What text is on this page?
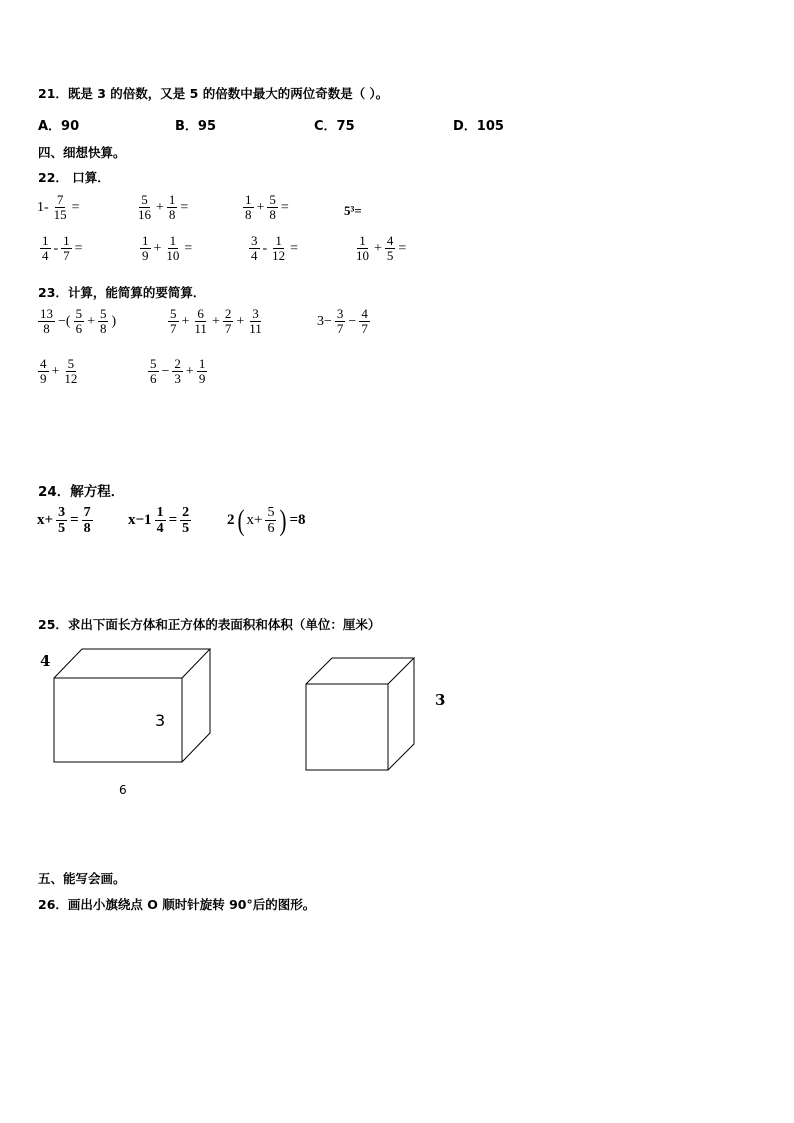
21．既是 3 的倍数，又是 5 的倍数中最大的两位奇数是（ ）。
A．90	B．95	C．75	D．105
四、细想快算。
22． 口算．
$1- \frac{7}{15}$ =	$\frac{5}{16} + \frac{1}{8}$ =	$\frac{1}{8} + \frac{5}{8}$ =	5³=
$\frac{1}{4} - \frac{1}{7}$ =	$\frac{1}{9} + \frac{1}{10}$ =	$\frac{3}{4} - \frac{1}{12}$ =	$\frac{1}{10} + \frac{4}{5}$ =
23．计算，能简算的要简算．
$\frac{13}{8}$ −( $\frac{5}{6} + \frac{5}{8}$ )	$\frac{5}{7} + \frac{6}{11} + \frac{2}{7} + \frac{3}{11}$	$3- \frac{3}{7} - \frac{4}{7}$
$\frac{4}{9} + \frac{5}{12}$	$\frac{5}{6} - \frac{2}{3} + \frac{1}{9}$
24．解方程．
$x+ \frac{3}{5} = \frac{7}{8} x-1 \frac{1}{4} = \frac{2}{5} 2$( $x+ \frac{5}{6}$ ) =8
25．求出下面长方体和正方体的表面积和体积（单位：厘米）
4
3
6
3
五、能写会画。
26．画出小旗绕点 O 顺时针旋转 90°后的图形。
